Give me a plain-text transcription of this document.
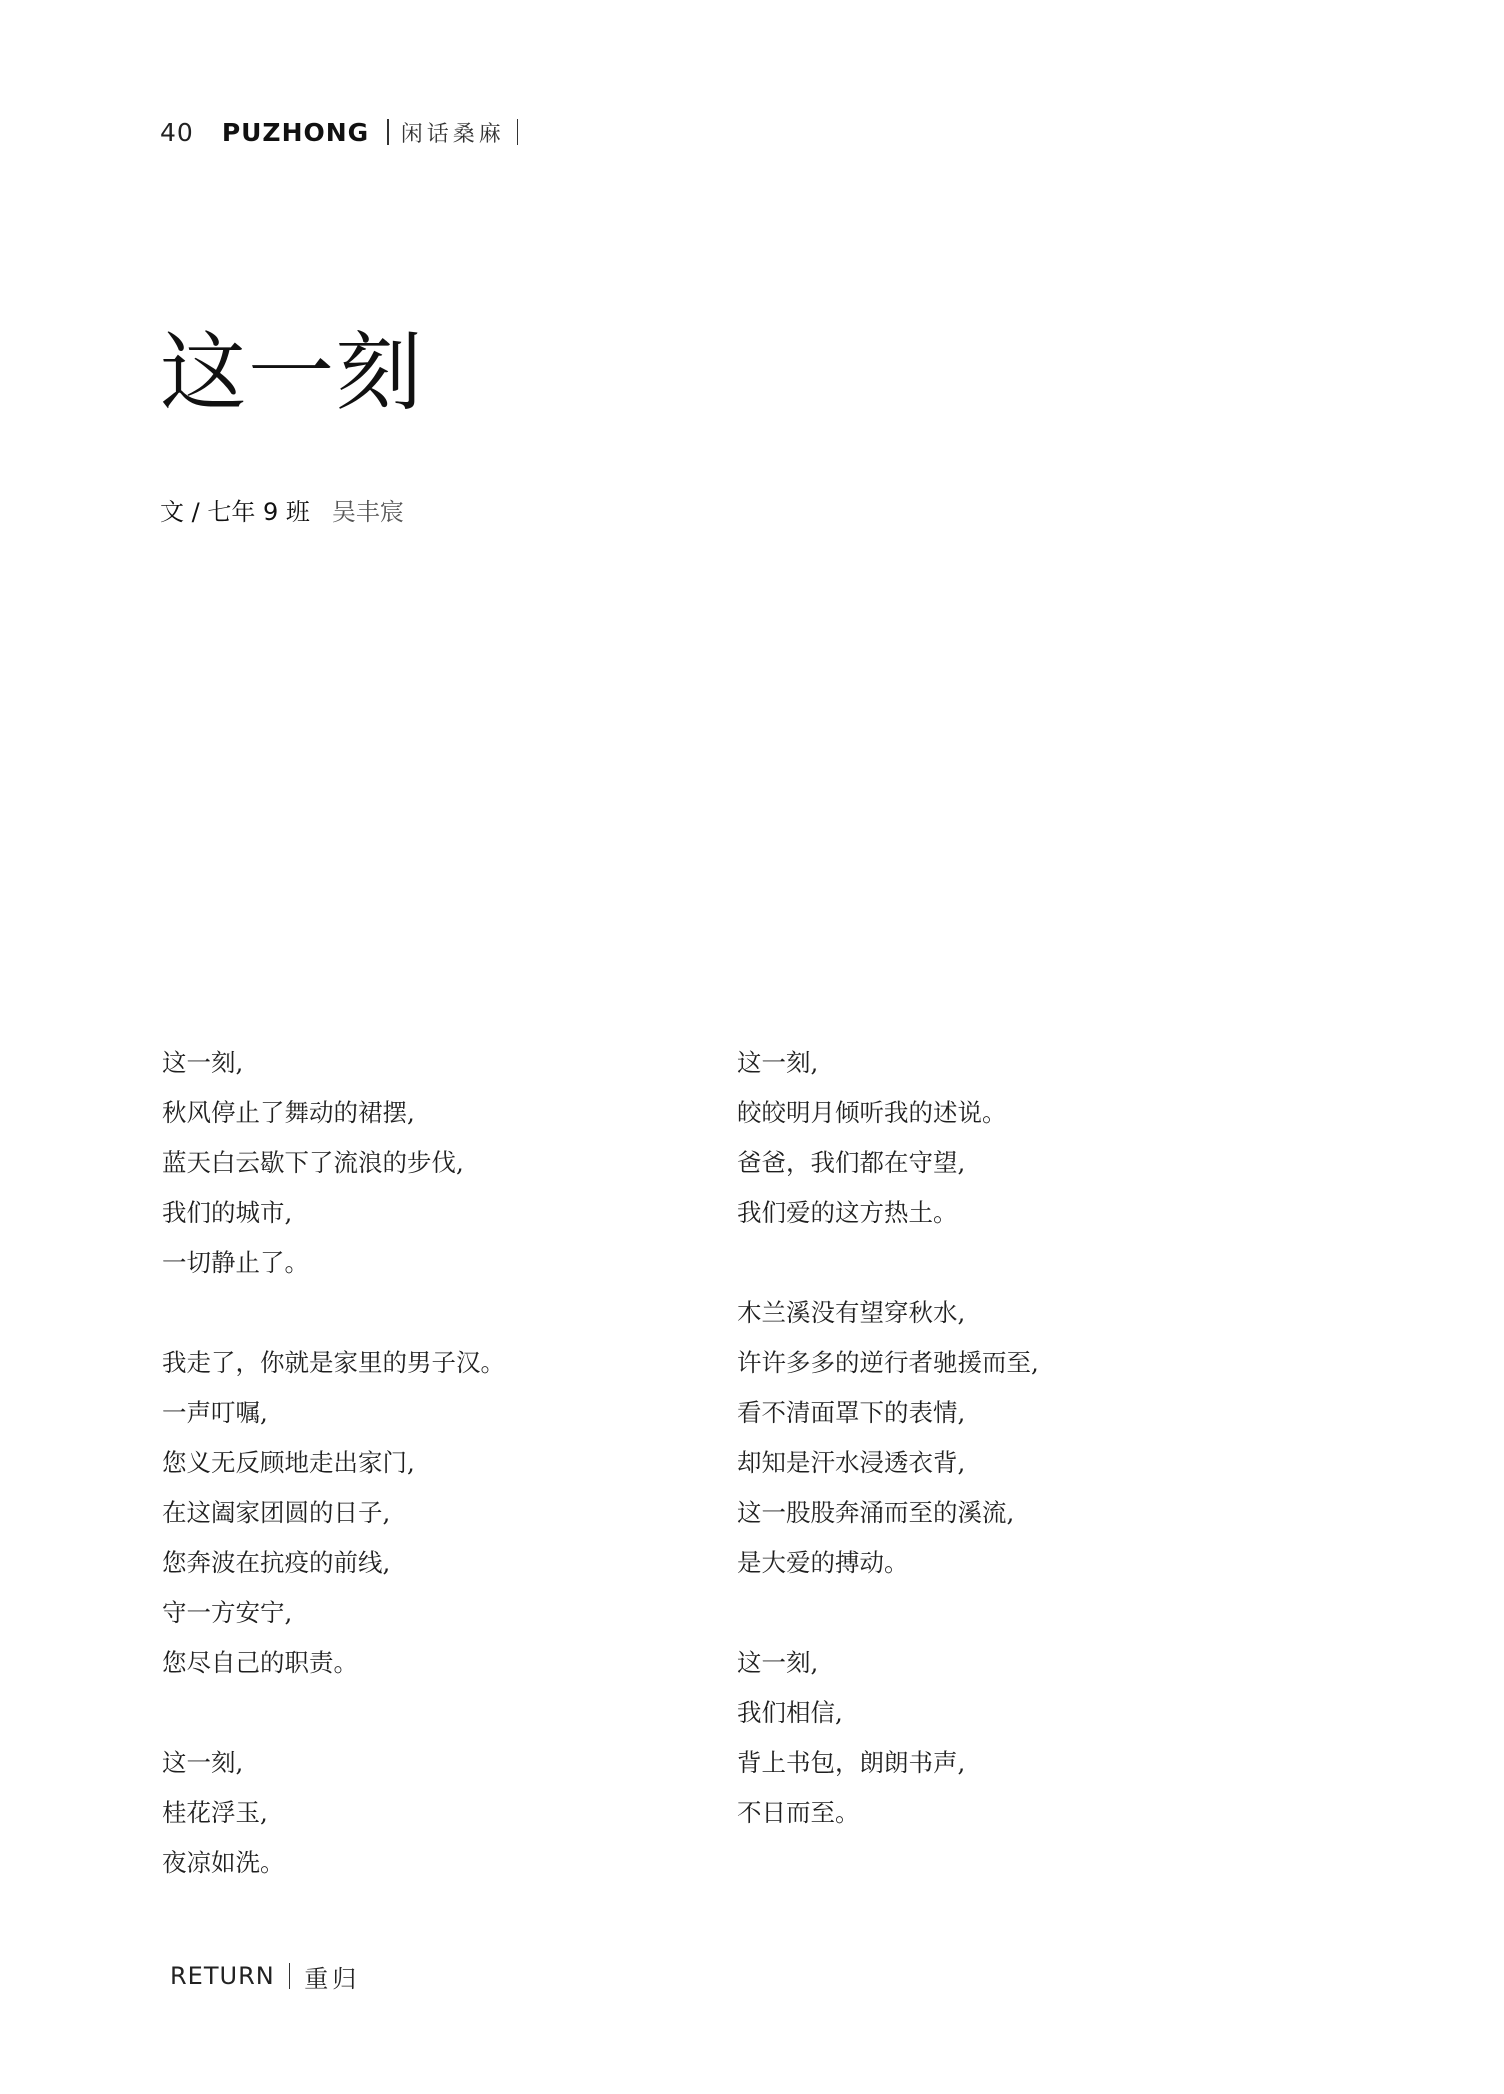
40 PUZHONG 闲话桑麻
这一刻
文 / 七年 9 班 吴丰宸
这一刻,
秋风停止了舞动的裙摆,
蓝天白云歇下了流浪的步伐,
我们的城市,
一切静止了。
我走了，你就是家里的男子汉。
一声叮嘱,
您义无反顾地走出家门,
在这阖家团圆的日子,
您奔波在抗疫的前线,
守一方安宁,
您尽自己的职责。
这一刻,
桂花浮玉,
夜凉如洗。
这一刻,
皎皎明月倾听我的述说。
爸爸，我们都在守望,
我们爱的这方热土。
木兰溪没有望穿秋水,
许许多多的逆行者驰援而至,
看不清面罩下的表情,
却知是汗水浸透衣背,
这一股股奔涌而至的溪流,
是大爱的搏动。
这一刻,
我们相信,
背上书包，朗朗书声,
不日而至。
RETURN 重归
